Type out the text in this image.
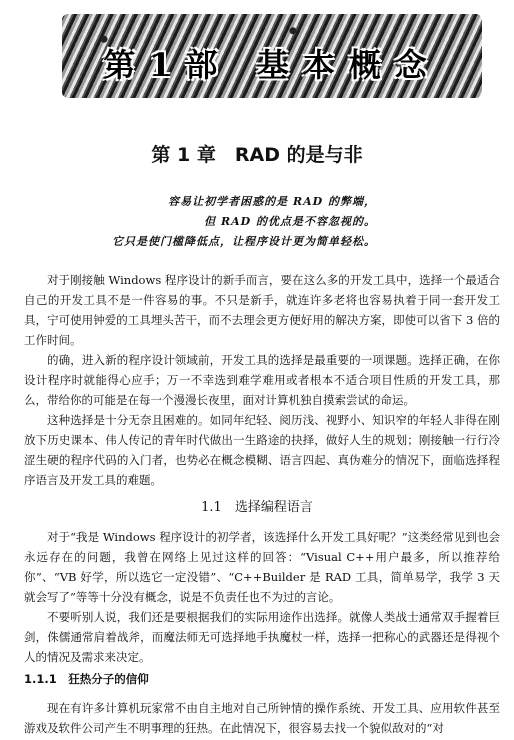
第1部 基本概念
第 1 章　RAD 的是与非
容易让初学者困惑的是 RAD 的弊端，
但 RAD 的优点是不容忽视的。
它只是使门槛降低点，让程序设计更为简单轻松。

对于刚接触 Windows 程序设计的新手而言，要在这么多的开发工具中，选择一个最适合自己的开发工具不是一件容易的事。不只是新手，就连许多老将也容易执着于同一套开发工具，宁可使用钟爱的工具埋头苦干，而不去理会更方便好用的解决方案，即使可以省下 3 倍的工作时间。

的确，进入新的程序设计领域前，开发工具的选择是最重要的一项课题。选择正确，在你设计程序时就能得心应手；万一不幸选到难学难用或者根本不适合项目性质的开发工具，那么，带给你的可能是在每一个漫漫长夜里，面对计算机独自摸索尝试的命运。

这种选择是十分无奈且困难的。如同年纪轻、阅历浅、视野小、知识窄的年轻人非得在刚放下历史课本、伟人传记的青年时代做出一生路途的抉择，做好人生的规划；刚接触一行行冷涩生硬的程序代码的入门者，也势必在概念模糊、语言四起、真伪难分的情况下，面临选择程序语言及开发工具的难题。

1.1　选择编程语言

对于“我是 Windows 程序设计的初学者，该选择什么开发工具好呢？”这类经常见到也会永远存在的问题，我曾在网络上见过这样的回答：“Visual C++用户最多，所以推荐给你”、“VB 好学，所以选它一定没错”、“C++Builder 是 RAD 工具，简单易学，我学 3 天就会写了”等等十分没有概念，说是不负责任也不为过的言论。

不要听别人说，我们还是要根据我们的实际用途作出选择。就像人类战士通常双手握着巨剑，侏儒通常肩着战斧，而魔法师无可选择地手执魔杖一样，选择一把称心的武器还是得视个人的情况及需求来决定。

1.1.1　狂热分子的信仰

现在有许多计算机玩家常不由自主地对自己所钟情的操作系统、开发工具、应用软件甚至游戏及软件公司产生不明事理的狂热。在此情况下，很容易去找一个貌似敌对的“对
